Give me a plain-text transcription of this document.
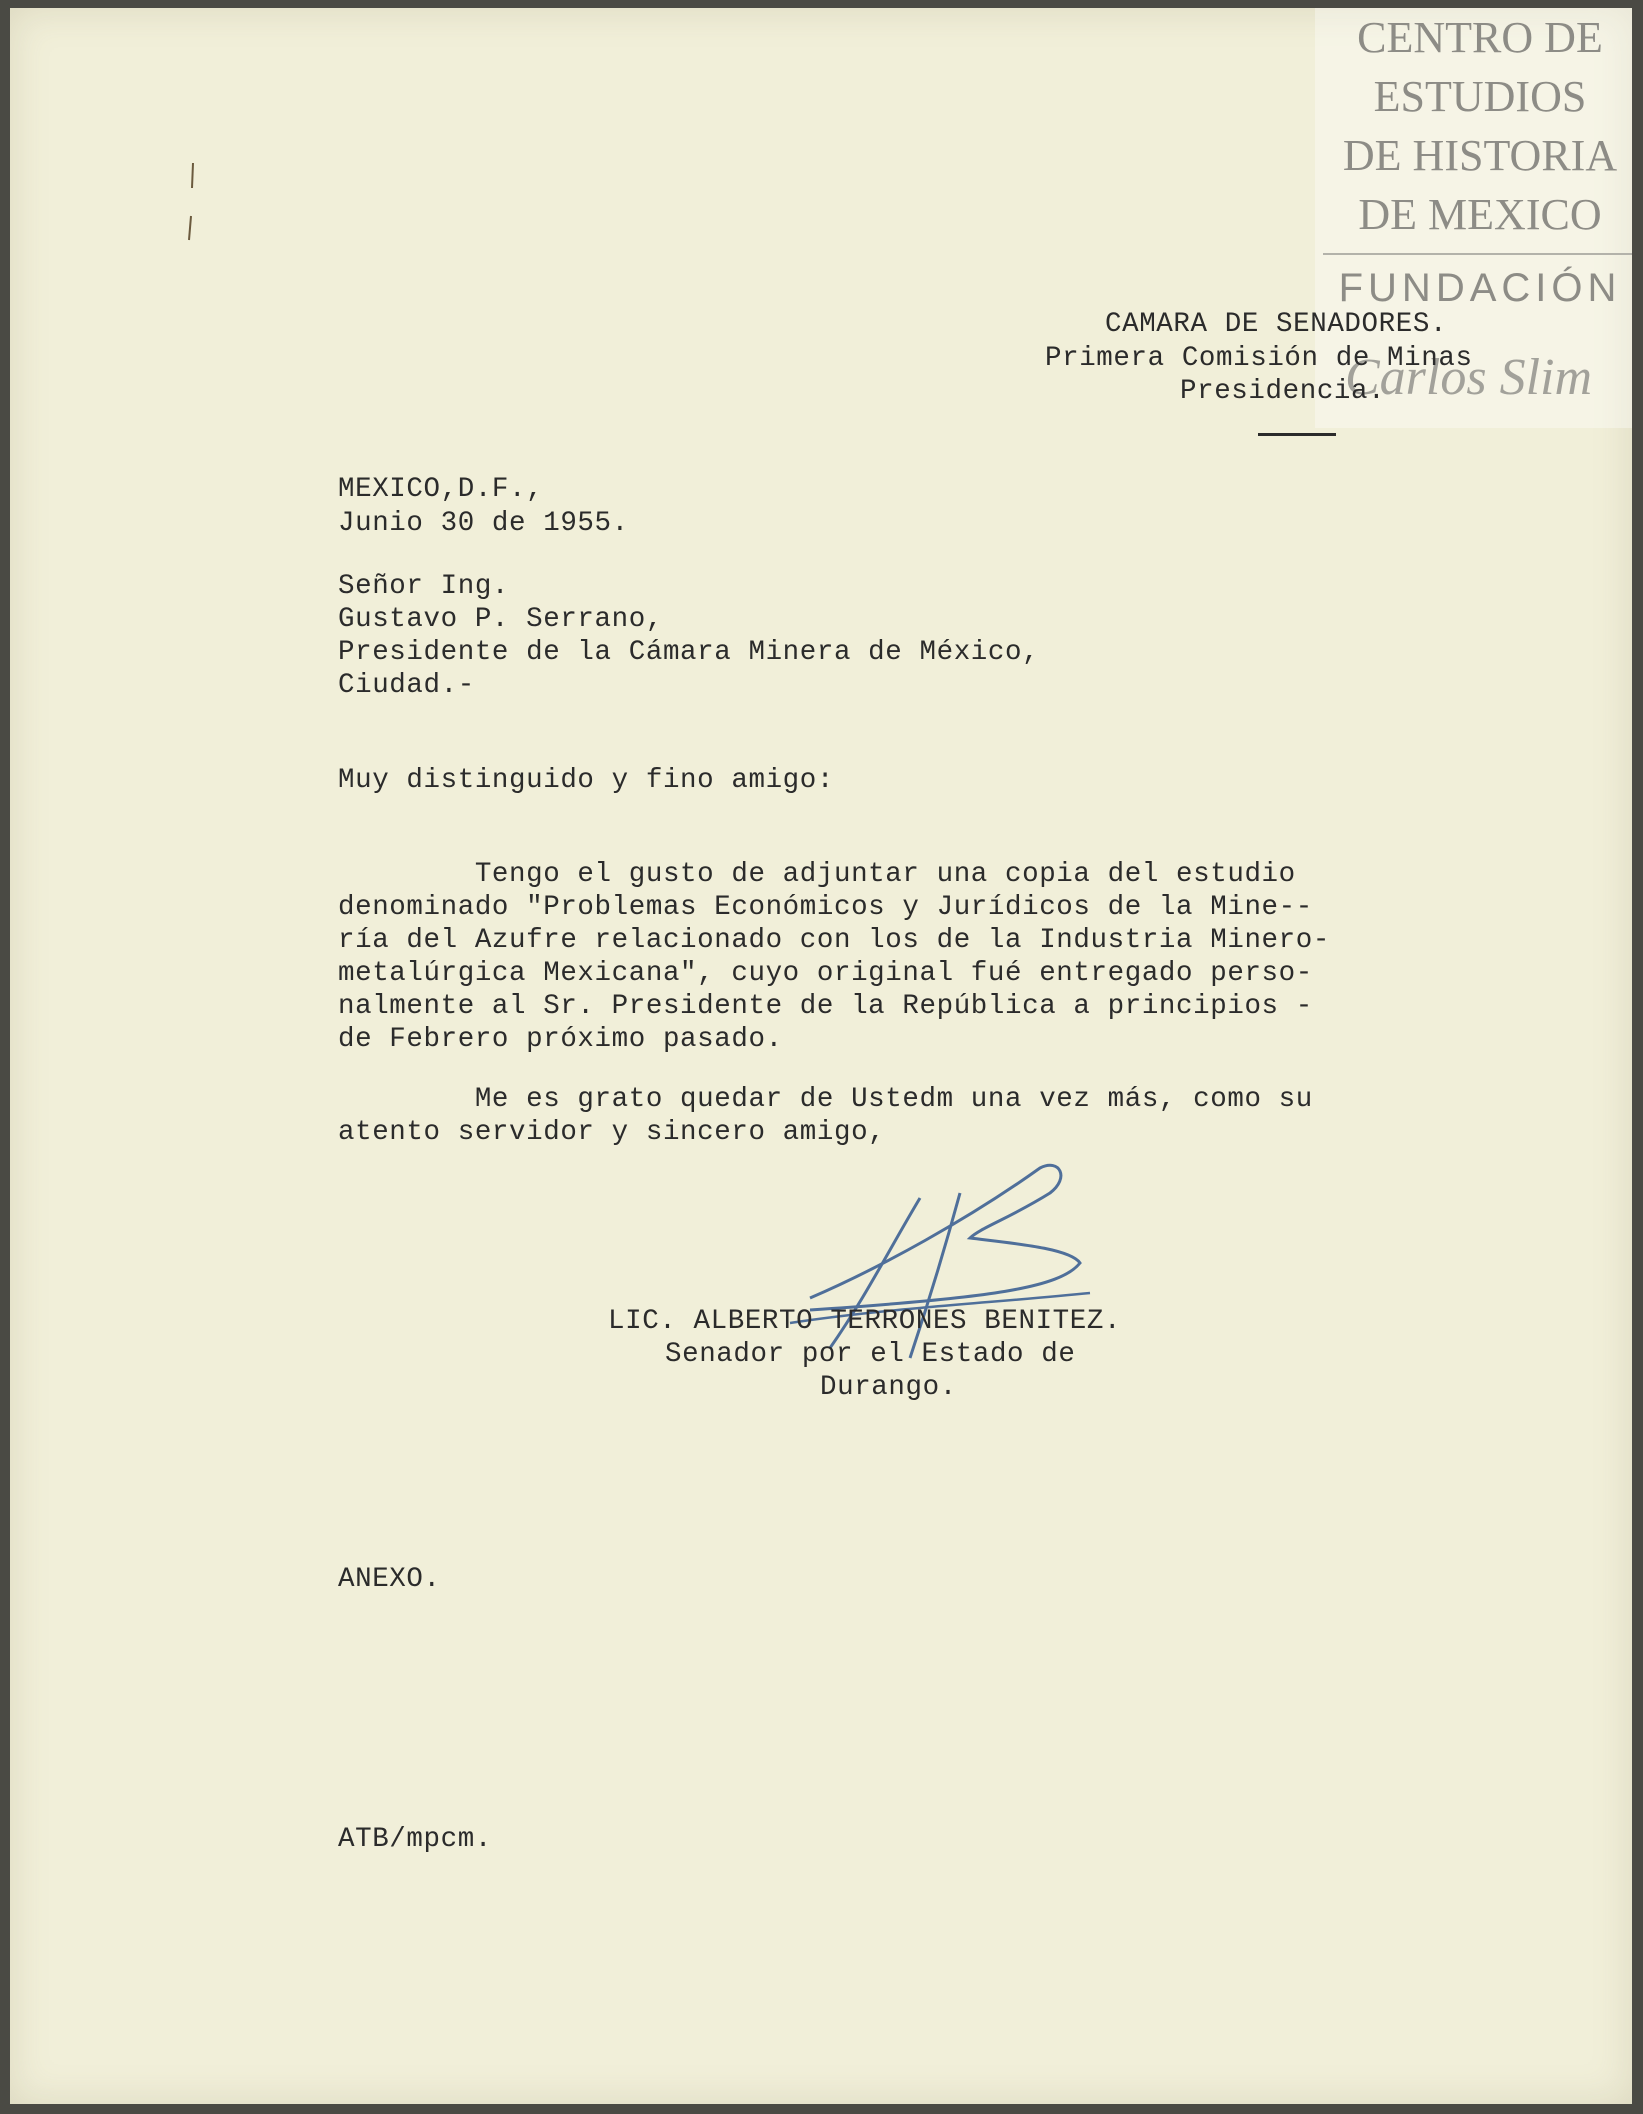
CENTRO DE
ESTUDIOS
DE HISTORIA
DE MEXICO
FUNDACIÓN
Carlos Slim
CAMARA DE SENADORES.
Primera Comisión de Minas
Presidencia.
MEXICO,D.F.,
Junio 30 de 1955.
Señor Ing.
Gustavo P. Serrano,
Presidente de la Cámara Minera de México,
Ciudad.-
Muy distinguido y fino amigo:
Tengo el gusto de adjuntar una copia del estudio
denominado "Problemas Económicos y Jurídicos de la Mine--
ría del Azufre relacionado con los de la Industria Minero-
metalúrgica Mexicana", cuyo original fué entregado perso-
nalmente al Sr. Presidente de la República a principios -
de Febrero próximo pasado.
Me es grato quedar de Ustedm una vez más, como su
atento servidor y sincero amigo,
LIC. ALBERTO TERRONES BENITEZ.
Senador por el Estado de
Durango.
ANEXO.
ATB/mpcm.
